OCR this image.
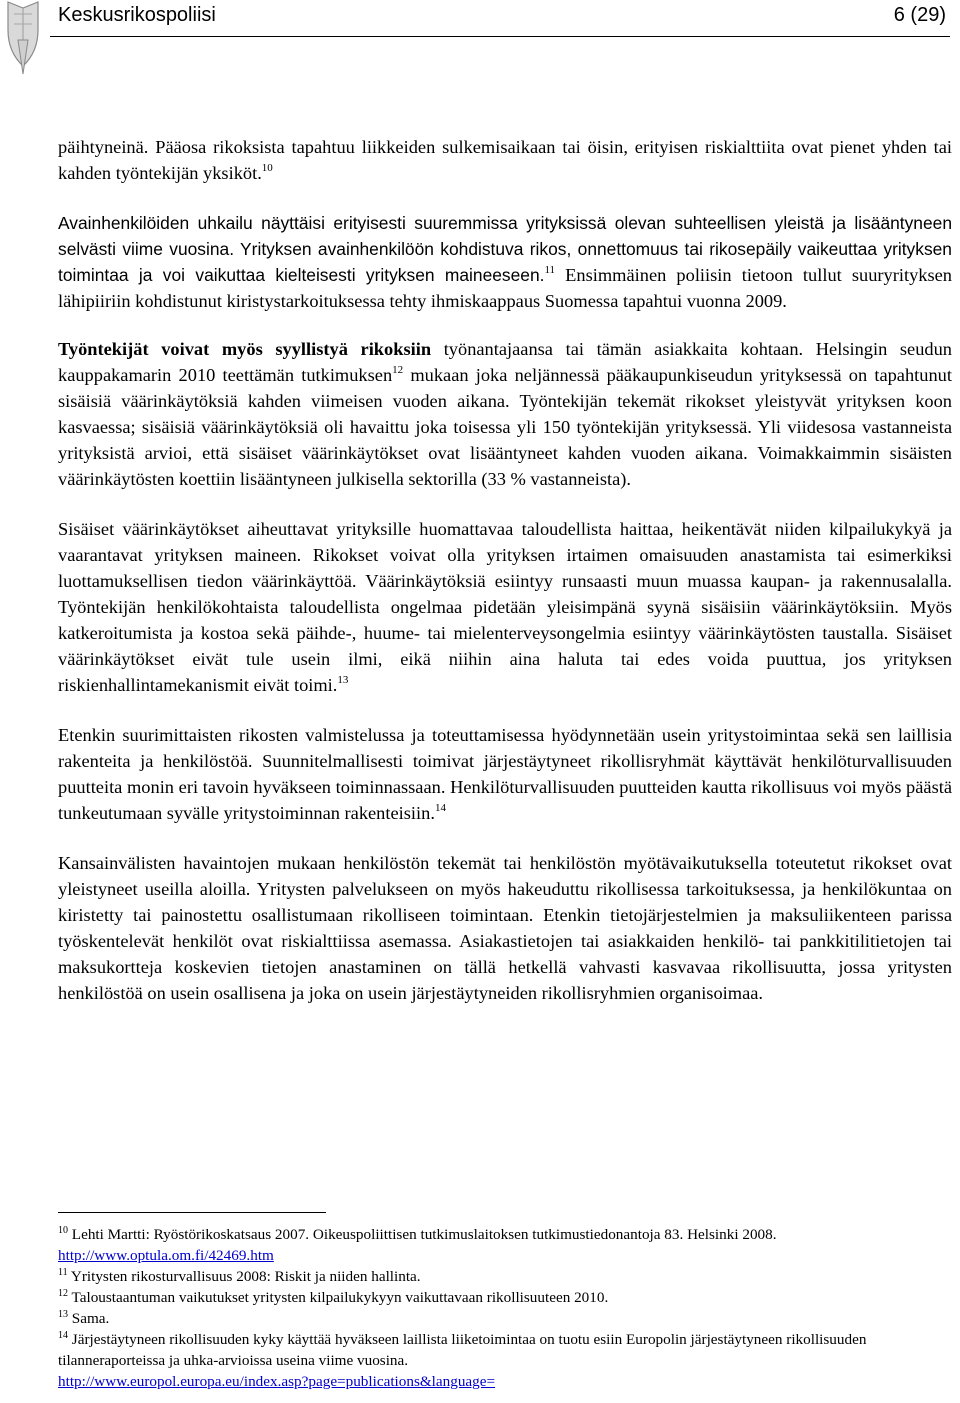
Keskusrikospoliisi	6 (29)

päihtyneinä. Pääosa rikoksista tapahtuu liikkeiden sulkemisaikaan tai öisin, erityisen riskialttiita ovat pienet yhden tai kahden työntekijän yksiköt.$^{10}$

Avainhenkilöiden uhkailu näyttäisi erityisesti suuremmissa yrityksissä olevan suhteellisen yleistä ja lisääntyneen selvästi viime vuosina. Yrityksen avainhenkilöön kohdistuva rikos, onnettomuus tai rikosepäily vaikeuttaa yrityksen toimintaa ja voi vaikuttaa kielteisesti yrityksen maineeseen.$^{11}$ Ensimmäinen poliisin tietoon tullut suuryrityksen lähipiiriin kohdistunut kiristystarkoituksessa tehty ihmiskaappaus Suomessa tapahtui vuonna 2009.

Työntekijät voivat myös syyllistyä rikoksiin työnantajaansa tai tämän asiakkaita kohtaan. Helsingin seudun kauppakamarin 2010 teettämän tutkimuksen$^{12}$ mukaan joka neljännessä pääkaupunkiseudun yrityksessä on tapahtunut sisäisiä väärinkäytöksiä kahden viimeisen vuoden aikana. Työntekijän tekemät rikokset yleistyvät yrityksen koon kasvaessa; sisäisiä väärinkäytöksiä oli havaittu joka toisessa yli 150 työntekijän yrityksessä. Yli viidesosa vastanneista yrityksistä arvioi, että sisäiset väärinkäytökset ovat lisääntyneet kahden vuoden aikana. Voimakkaimmin sisäisten väärinkäytösten koettiin lisääntyneen julkisella sektorilla (33 % vastanneista).

Sisäiset väärinkäytökset aiheuttavat yrityksille huomattavaa taloudellista haittaa, heikentävät niiden kilpailukykyä ja vaarantavat yrityksen maineen. Rikokset voivat olla yrityksen irtaimen omaisuuden anastamista tai esimerkiksi luottamuksellisen tiedon väärinkäyttöä. Väärinkäytöksiä esiintyy runsaasti muun muassa kaupan- ja rakennusalalla. Työntekijän henkilökohtaista taloudellista ongelmaa pidetään yleisimpänä syynä sisäisiin väärinkäytöksiin. Myös katkeroitumista ja kostoa sekä päihde-, huume- tai mielenterveysongelmia esiintyy väärinkäytösten taustalla. Sisäiset väärinkäytökset eivät tule usein ilmi, eikä niihin aina haluta tai edes voida puuttua, jos yrityksen riskienhallintamekanismit eivät toimi.$^{13}$

Etenkin suurimittaisten rikosten valmistelussa ja toteuttamisessa hyödynnetään usein yritystoimintaa sekä sen laillisia rakenteita ja henkilöstöä. Suunnitelmallisesti toimivat järjestäytyneet rikollisryhmät käyttävät henkilöturvallisuuden puutteita monin eri tavoin hyväkseen toiminnassaan. Henkilöturvallisuuden puutteiden kautta rikollisuus voi myös päästä tunkeutumaan syvälle yritystoiminnan rakenteisiin.$^{14}$

Kansainvälisten havaintojen mukaan henkilöstön tekemät tai henkilöstön myötävaikutuksella toteutetut rikokset ovat yleistyneet useilla aloilla. Yritysten palvelukseen on myös hakeuduttu rikollisessa tarkoituksessa, ja henkilökuntaa on kiristetty tai painostettu osallistumaan rikolliseen toimintaan. Etenkin tietojärjestelmien ja maksuliikenteen parissa työskentelevät henkilöt ovat riskialttiissa asemassa. Asiakastietojen tai asiakkaiden henkilö- tai pankkitilitietojen tai maksukortteja koskevien tietojen anastaminen on tällä hetkellä vahvasti kasvavaa rikollisuutta, jossa yritysten henkilöstöä on usein osallisena ja joka on usein järjestäytyneiden rikollisryhmien organisoimaa.

$^{10}$ Lehti Martti: Ryöstörikoskatsaus 2007. Oikeuspoliittisen tutkimuslaitoksen tutkimustiedonantoja 83. Helsinki 2008.
http://www.optula.om.fi/42469.htm
$^{11}$ Yritysten rikosturvallisuus 2008: Riskit ja niiden hallinta.
$^{12}$ Taloustaantuman vaikutukset yritysten kilpailukykyyn vaikuttavaan rikollisuuteen 2010.
$^{13}$ Sama.
$^{14}$ Järjestäytyneen rikollisuuden kyky käyttää hyväkseen laillista liiketoimintaa on tuotu esiin Europolin järjestäytyneen rikollisuuden tilanneraporteissa ja uhka-arvioissa useina viime vuosina.
http://www.europol.europa.eu/index.asp?page=publications&language=
